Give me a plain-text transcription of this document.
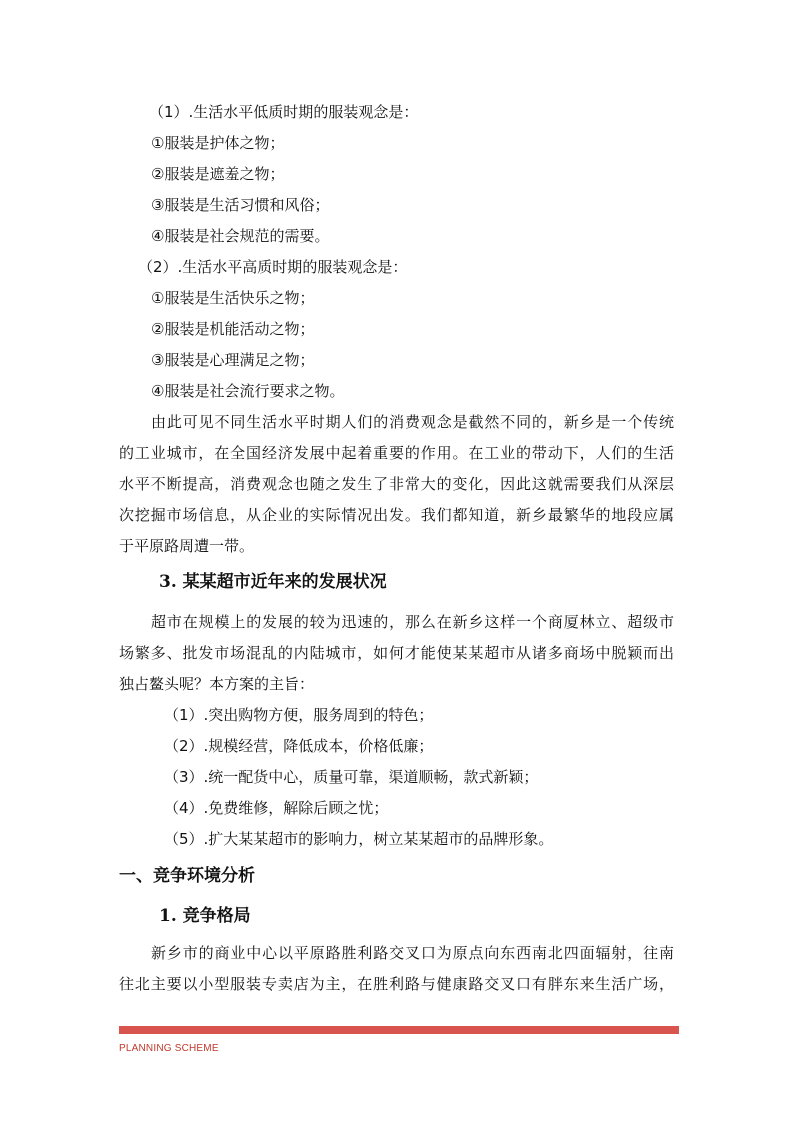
（1）.生活水平低质时期的服装观念是：
①服装是护体之物；
②服装是遮羞之物；
③服装是生活习惯和风俗；
④服装是社会规范的需要。
（2）.生活水平高质时期的服装观念是：
①服装是生活快乐之物；
②服装是机能活动之物；
③服装是心理满足之物；
④服装是社会流行要求之物。
由此可见不同生活水平时期人们的消费观念是截然不同的，新乡是一个传统
的工业城市，在全国经济发展中起着重要的作用。在工业的带动下，人们的生活
水平不断提高，消费观念也随之发生了非常大的变化，因此这就需要我们从深层
次挖掘市场信息，从企业的实际情况出发。我们都知道，新乡最繁华的地段应属
于平原路周遭一带。
3. 某某超市近年来的发展状况
超市在规模上的发展的较为迅速的，那么在新乡这样一个商厦林立、超级市
场繁多、批发市场混乱的内陆城市，如何才能使某某超市从诸多商场中脱颖而出
独占鳌头呢？本方案的主旨：
（1）.突出购物方便，服务周到的特色；
（2）.规模经营，降低成本，价格低廉；
（3）.统一配货中心，质量可靠，渠道顺畅，款式新颖；
（4）.免费维修，解除后顾之忧；
（5）.扩大某某超市的影响力，树立某某超市的品牌形象。
一、竞争环境分析
1. 竞争格局
新乡市的商业中心以平原路胜利路交叉口为原点向东西南北四面辐射，往南
往北主要以小型服装专卖店为主，在胜利路与健康路交叉口有胖东来生活广场，
PLANNING SCHEME
